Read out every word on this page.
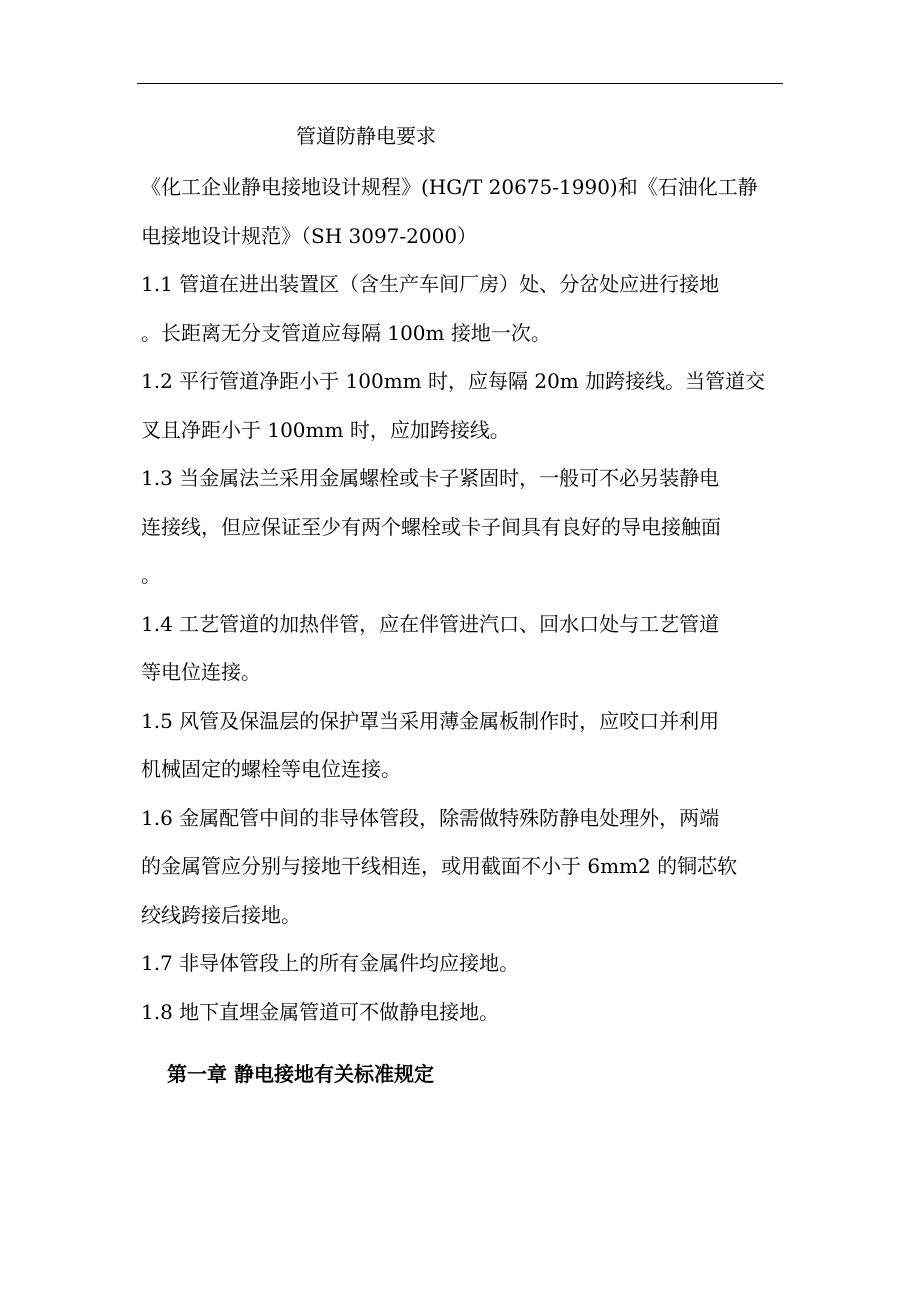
管道防静电要求
《化工企业静电接地设计规程》(HG/T 20675-1990)和《石油化工静
电接地设计规范》（SH 3097-2000）
1.1 管道在进出装置区（含生产车间厂房）处、分岔处应进行接地
。长距离无分支管道应每隔 100m 接地一次。
1.2 平行管道净距小于 100mm 时，应每隔 20m 加跨接线。当管道交
叉且净距小于 100mm 时，应加跨接线。
1.3 当金属法兰采用金属螺栓或卡子紧固时，一般可不必另装静电
连接线，但应保证至少有两个螺栓或卡子间具有良好的导电接触面
。
1.4 工艺管道的加热伴管，应在伴管进汽口、回水口处与工艺管道
等电位连接。
1.5 风管及保温层的保护罩当采用薄金属板制作时，应咬口并利用
机械固定的螺栓等电位连接。
1.6 金属配管中间的非导体管段，除需做特殊防静电处理外，两端
的金属管应分别与接地干线相连，或用截面不小于 6mm2 的铜芯软
绞线跨接后接地。
1.7 非导体管段上的所有金属件均应接地。
1.8 地下直埋金属管道可不做静电接地。
第一章 静电接地有关标准规定
